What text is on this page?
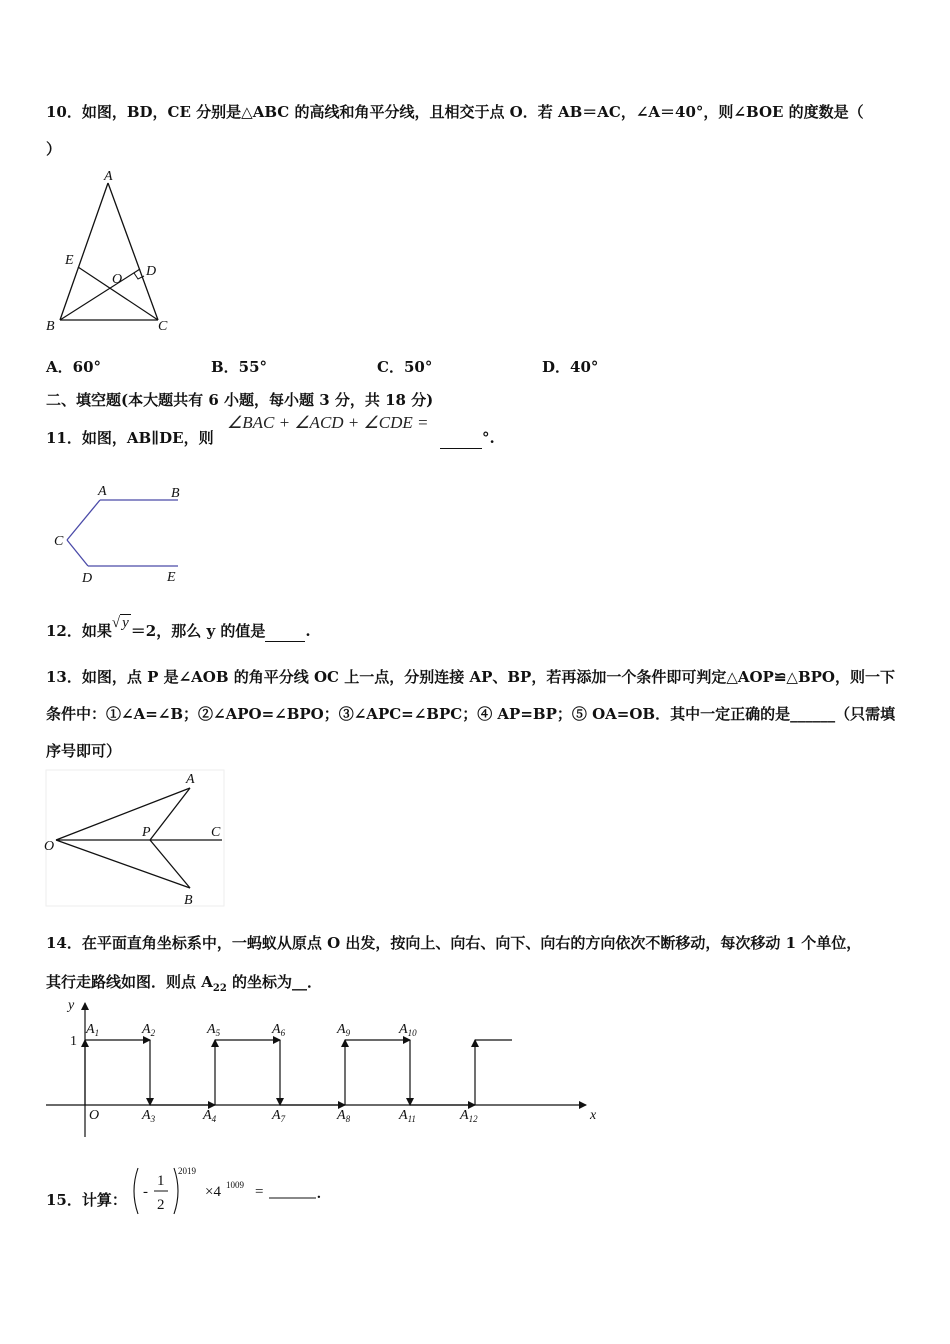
10．如图，BD，CE 分别是△ABC 的高线和角平分线，且相交于点 O．若 AB＝AC，∠A＝40°，则∠BOE 的度数是（
）
A
B	C
D
E
O
A．60°	B．55°	C．50°	D．40°
二、填空题(本大题共有 6 小题，每小题 3 分，共 18 分)
11．如图，AB∥DE，则
∠BAC + ∠ACD + ∠CDE =
°.
A	B
C
D	E
12．如果√ y ＝2，那么 y 的值是	.
13．如图，点 P 是∠AOB 的角平分线 OC 上一点，分别连接 AP、BP，若再添加一个条件即可判定△AOP≌△BPO，则一下
条件中：①∠A=∠B；②∠APO=∠BPO；③∠APC=∠BPC；④ AP=BP；⑤ OA=OB．其中一定正确的是______（只需填
序号即可）
O
A
B
P	C
14．在平面直角坐标系中，一蚂蚁从原点 O 出发，按向上、向右、向下、向右的方向依次不断移动，每次移动 1 个单位，
其行走路线如图．则点 $A_{22}$ 的坐标为__．
x
y
1
O
$A_1$	$A_2$	$A_5$	$A_6$	$A_9$	$A_{10}$
$A_3$	$A_4$	$A_7$	$A_8$	$A_{11}$	$A_{12}$
15．计算： -
1
2
2019
×4 1009 =	.
